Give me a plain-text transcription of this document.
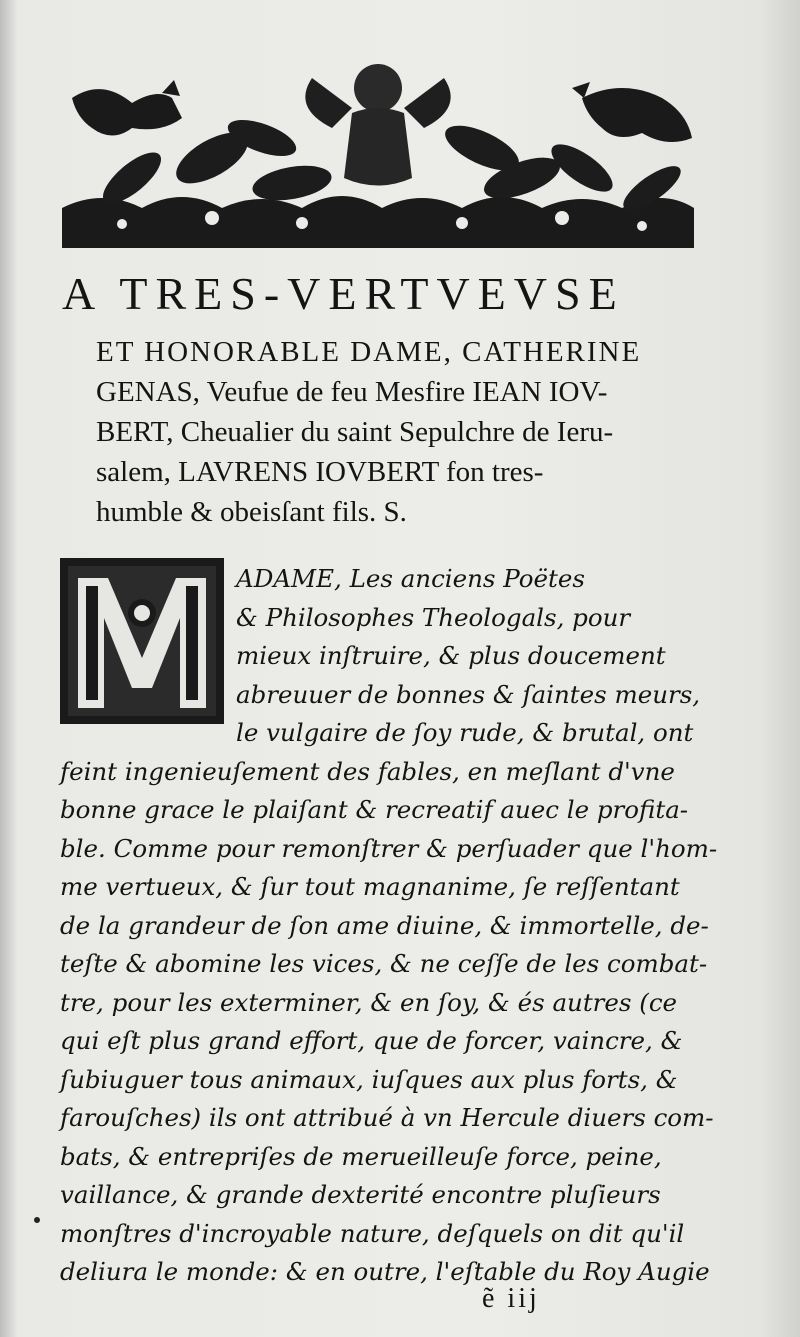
A TRES-VERTVEVSE
ET HONORABLE DAME, CATHERINE
GENAS, Veufue de feu Mesfire IEAN IOV-
BERT, Cheualier du saint Sepulchre de Ieru-
salem, LAVRENS IOVBERT fon tres-
humble & obeisſant fils. S.
ADAME, Les anciens Poëtes
& Philosophes Theologals, pour
mieux inſtruire, & plus doucement
abreuuer de bonnes & ſaintes meurs,
le vulgaire de ſoy rude, & brutal, ont
feint ingenieuſement des fables, en meſlant d'vne
bonne grace le plaiſant & recreatif auec le profita-
ble. Comme pour remonſtrer & perſuader que l'hom-
me vertueux, & ſur tout magnanime, ſe reſſentant
de la grandeur de ſon ame diuine, & immortelle, de-
teſte & abomine les vices, & ne ceſſe de les combat-
tre, pour les exterminer, & en ſoy, & és autres (ce
qui eſt plus grand effort, que de forcer, vaincre, &
ſubiuguer tous animaux, iuſques aux plus forts, &
farouſches) ils ont attribué à vn Hercule diuers com-
bats, & entrepriſes de merueilleuſe force, peine,
vaillance, & grande dexterité encontre pluſieurs
monſtres d'incroyable nature, deſquels on dit qu'il
deliura le monde: & en outre, l'eſtable du Roy Augie
ẽ iij
